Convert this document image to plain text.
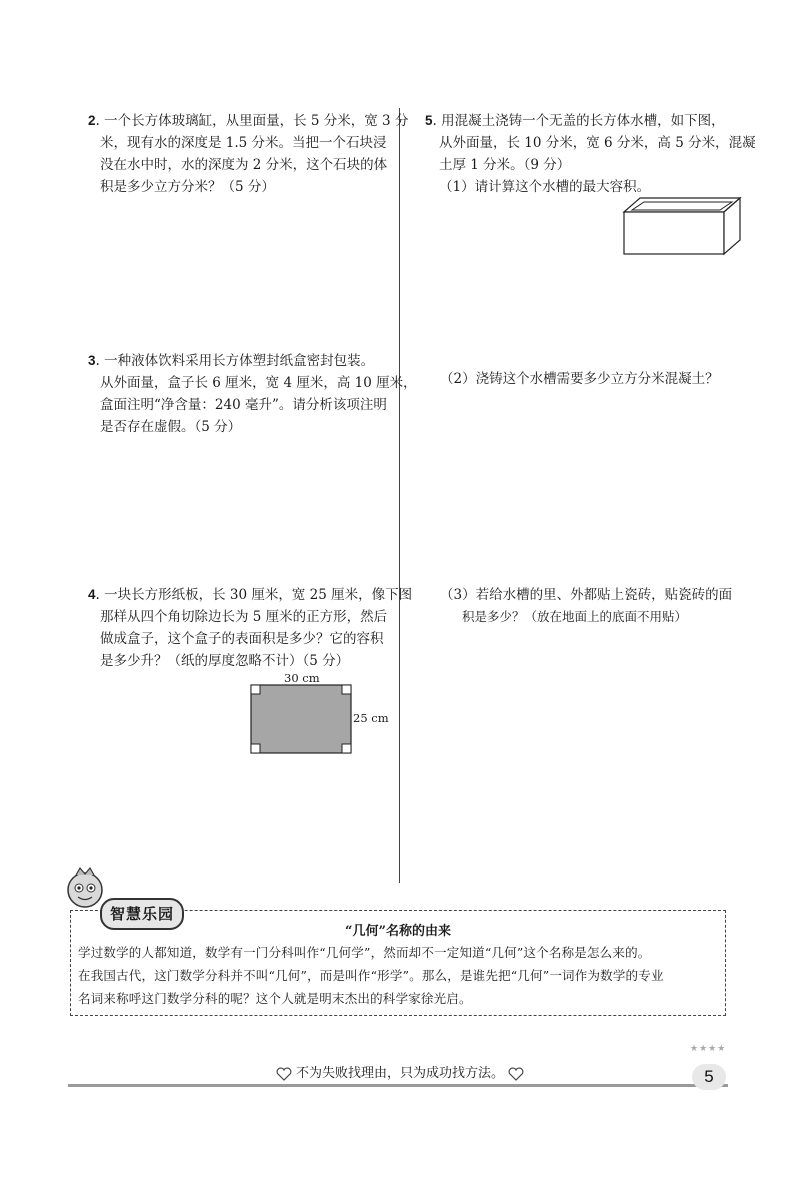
2. 一个长方体玻璃缸，从里面量，长 5 分米，宽 3 分
米，现有水的深度是 1.5 分米。当把一个石块浸
没在水中时，水的深度为 2 分米，这个石块的体
积是多少立方分米？（5 分）
3. 一种液体饮料采用长方体塑封纸盒密封包装。
从外面量，盒子长 6 厘米，宽 4 厘米，高 10 厘米，
盒面注明“净含量：240 毫升”。请分析该项注明
是否存在虚假。（5 分）
4. 一块长方形纸板，长 30 厘米，宽 25 厘米，像下图
那样从四个角切除边长为 5 厘米的正方形，然后
做成盒子，这个盒子的表面积是多少？它的容积
是多少升？（纸的厚度忽略不计）（5 分）
30 cm
25 cm
5. 用混凝土浇铸一个无盖的长方体水槽，如下图，
从外面量，长 10 分米，宽 6 分米，高 5 分米，混凝
土厚 1 分米。（9 分）
（1）请计算这个水槽的最大容积。
（2）浇铸这个水槽需要多少立方分米混凝土？
（3）若给水槽的里、外都贴上瓷砖，贴瓷砖的面
积是多少？（放在地面上的底面不用贴）
智慧乐园
“几何”名称的由来
学过数学的人都知道，数学有一门分科叫作“几何学”，然而却不一定知道“几何”这个名称是怎么来的。
在我国古代，这门数学分科并不叫“几何”，而是叫作“形学”。那么，是谁先把“几何”一词作为数学的专业
名词来称呼这门数学分科的呢？这个人就是明末杰出的科学家徐光启。
不为失败找理由，只为成功找方法。
★★★★
5
